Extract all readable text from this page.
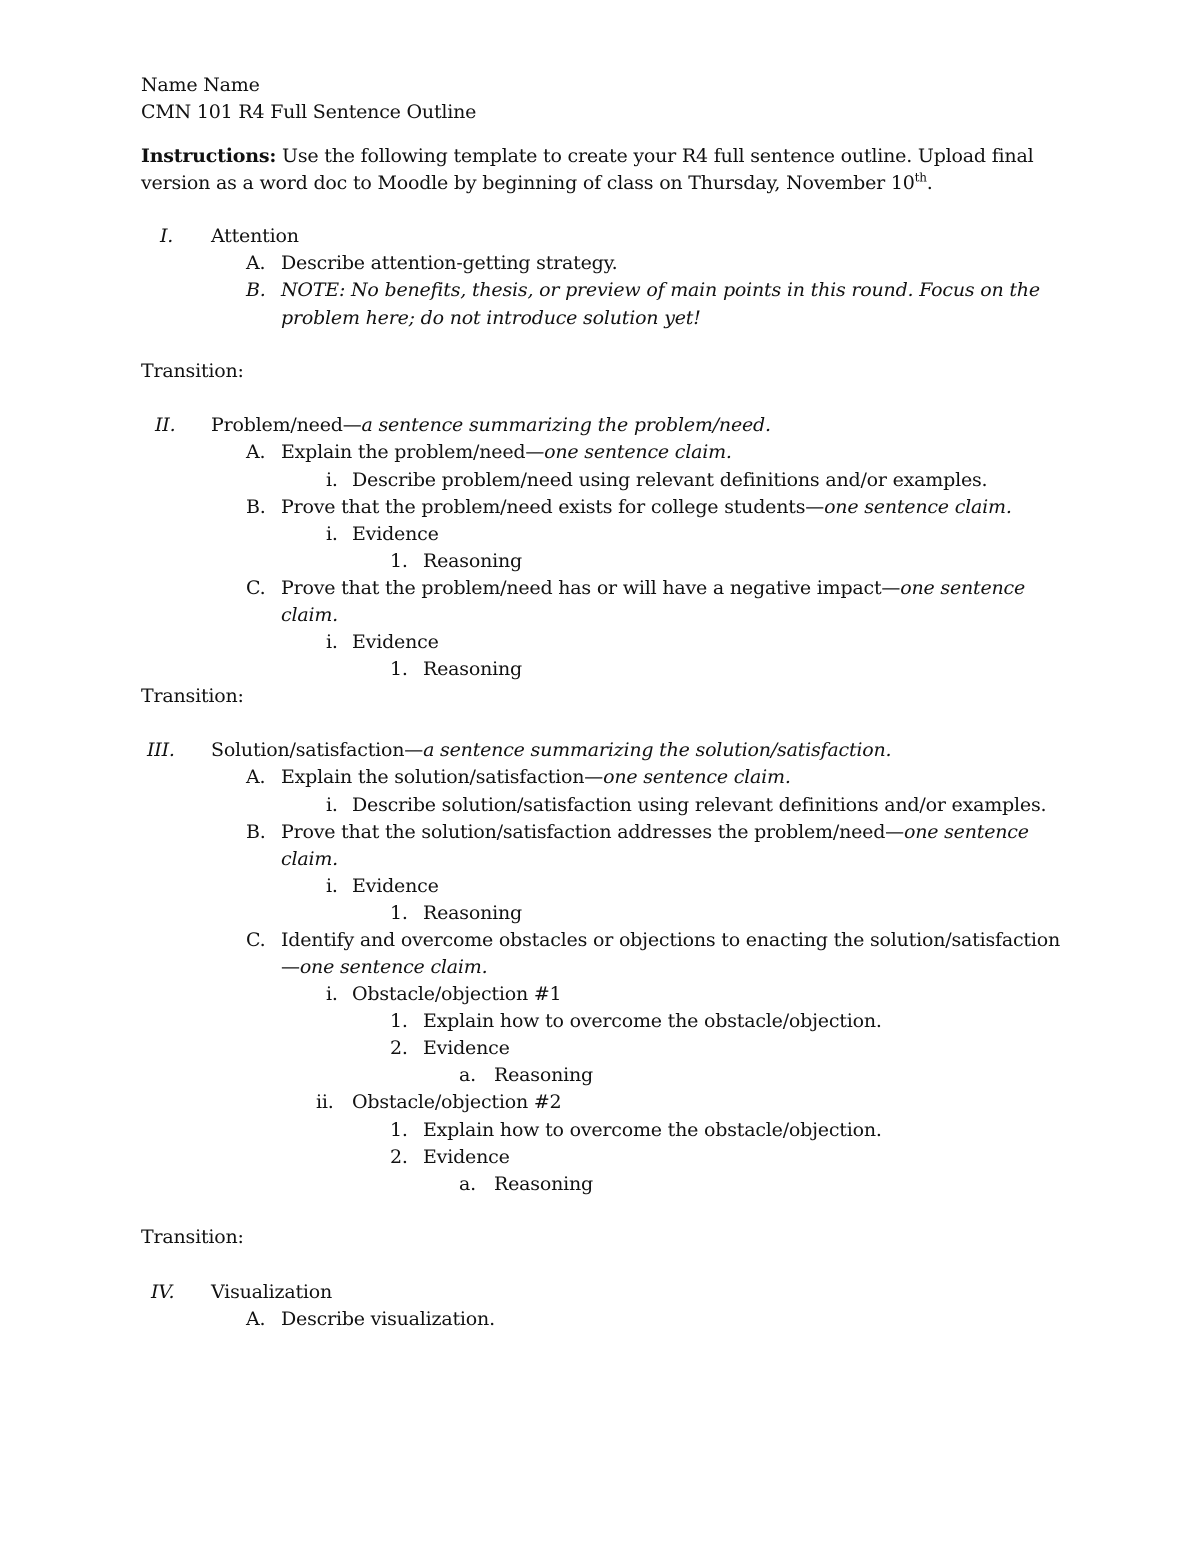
Name Name
CMN 101 R4 Full Sentence Outline
Instructions: Use the following template to create your R4 full sentence outline. Upload final
version as a word doc to Moodle by beginning of class on Thursday, November 10th.
I. Attention
A. Describe attention-getting strategy.
B. NOTE: No benefits, thesis, or preview of main points in this round. Focus on the
problem here; do not introduce solution yet!
Transition:
II. Problem/need—a sentence summarizing the problem/need.
A. Explain the problem/need—one sentence claim.
i. Describe problem/need using relevant definitions and/or examples.
B. Prove that the problem/need exists for college students—one sentence claim.
i. Evidence
1. Reasoning
C. Prove that the problem/need has or will have a negative impact—one sentence
claim.
i. Evidence
1. Reasoning
Transition:
III. Solution/satisfaction—a sentence summarizing the solution/satisfaction.
A. Explain the solution/satisfaction—one sentence claim.
i. Describe solution/satisfaction using relevant definitions and/or examples.
B. Prove that the solution/satisfaction addresses the problem/need—one sentence
claim.
i. Evidence
1. Reasoning
C. Identify and overcome obstacles or objections to enacting the solution/satisfaction
—one sentence claim.
i. Obstacle/objection #1
1. Explain how to overcome the obstacle/objection.
2. Evidence
a. Reasoning
ii. Obstacle/objection #2
1. Explain how to overcome the obstacle/objection.
2. Evidence
a. Reasoning
Transition:
IV. Visualization
A. Describe visualization.
